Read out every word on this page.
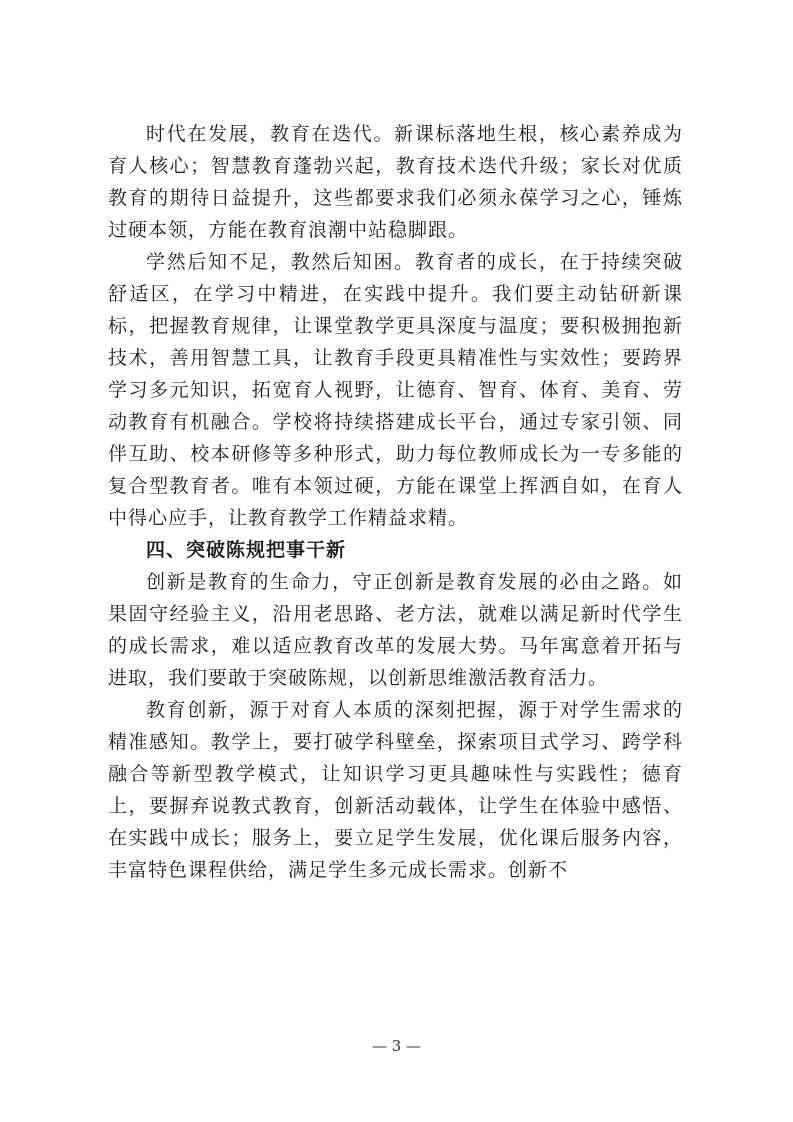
时代在发展，教育在迭代。新课标落地生根，核心素养成为育人核心；智慧教育蓬勃兴起，教育技术迭代升级；家长对优质教育的期待日益提升，这些都要求我们必须永葆学习之心，锤炼过硬本领，方能在教育浪潮中站稳脚跟。

学然后知不足，教然后知困。教育者的成长，在于持续突破舒适区，在学习中精进，在实践中提升。我们要主动钻研新课标，把握教育规律，让课堂教学更具深度与温度；要积极拥抱新技术，善用智慧工具，让教育手段更具精准性与实效性；要跨界学习多元知识，拓宽育人视野，让德育、智育、体育、美育、劳动教育有机融合。学校将持续搭建成长平台，通过专家引领、同伴互助、校本研修等多种形式，助力每位教师成长为一专多能的复合型教育者。唯有本领过硬，方能在课堂上挥洒自如，在育人中得心应手，让教育教学工作精益求精。

四、突破陈规把事干新

创新是教育的生命力，守正创新是教育发展的必由之路。如果固守经验主义，沿用老思路、老方法，就难以满足新时代学生的成长需求，难以适应教育改革的发展大势。马年寓意着开拓与进取，我们要敢于突破陈规，以创新思维激活教育活力。

教育创新，源于对育人本质的深刻把握，源于对学生需求的精准感知。教学上，要打破学科壁垒，探索项目式学习、跨学科融合等新型教学模式，让知识学习更具趣味性与实践性；德育上，要摒弃说教式教育，创新活动载体，让学生在体验中感悟、在实践中成长；服务上，要立足学生发展，优化课后服务内容，丰富特色课程供给，满足学生多元成长需求。创新不

— 3 —
